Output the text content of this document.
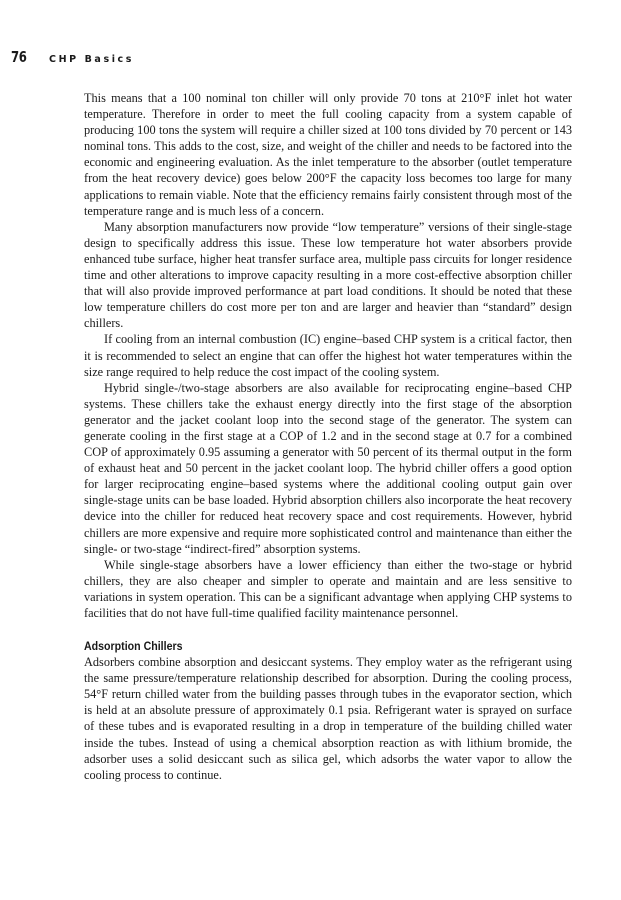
76 CHP Basics

This means that a 100 nominal ton chiller will only provide 70 tons at 210°F inlet hot water temperature. Therefore in order to meet the full cooling capacity from a system capable of producing 100 tons the system will require a chiller sized at 100 tons divided by 70 percent or 143 nominal tons. This adds to the cost, size, and weight of the chiller and needs to be factored into the economic and engineering evaluation. As the inlet temperature to the absorber (outlet temperature from the heat recovery device) goes below 200°F the capacity loss becomes too large for many applications to remain viable. Note that the efficiency remains fairly consistent through most of the temperature range and is much less of a concern.

Many absorption manufacturers now provide “low temperature” versions of their single-stage design to specifically address this issue. These low temperature hot water absorbers provide enhanced tube surface, higher heat transfer surface area, multiple pass circuits for longer residence time and other alterations to improve capacity resulting in a more cost-effective absorption chiller that will also provide improved performance at part load conditions. It should be noted that these low temperature chillers do cost more per ton and are larger and heavier than “standard” design chillers.

If cooling from an internal combustion (IC) engine–based CHP system is a critical factor, then it is recommended to select an engine that can offer the highest hot water temperatures within the size range required to help reduce the cost impact of the cooling system.

Hybrid single-/two-stage absorbers are also available for reciprocating engine–based CHP systems. These chillers take the exhaust energy directly into the first stage of the absorption generator and the jacket coolant loop into the second stage of the generator. The system can generate cooling in the first stage at a COP of 1.2 and in the second stage at 0.7 for a combined COP of approximately 0.95 assuming a generator with 50 percent of its thermal output in the form of exhaust heat and 50 percent in the jacket coolant loop. The hybrid chiller offers a good option for larger reciprocating engine–based systems where the additional cooling output gain over single-stage units can be base loaded. Hybrid absorption chillers also incorporate the heat recovery device into the chiller for reduced heat recovery space and cost requirements. However, hybrid chillers are more expensive and require more sophisticated control and maintenance than either the single- or two-stage “indirect-fired” absorption systems.

While single-stage absorbers have a lower efficiency than either the two-stage or hybrid chillers, they are also cheaper and simpler to operate and maintain and are less sensitive to variations in system operation. This can be a significant advantage when applying CHP systems to facilities that do not have full-time qualified facility maintenance personnel.

Adsorption Chillers

Adsorbers combine absorption and desiccant systems. They employ water as the refrigerant using the same pressure/temperature relationship described for absorption. During the cooling process, 54°F return chilled water from the building passes through tubes in the evaporator section, which is held at an absolute pressure of approximately 0.1 psia. Refrigerant water is sprayed on surface of these tubes and is evaporated resulting in a drop in temperature of the building chilled water inside the tubes. Instead of using a chemical absorption reaction as with lithium bromide, the adsorber uses a solid desiccant such as silica gel, which adsorbs the water vapor to allow the cooling process to continue.
